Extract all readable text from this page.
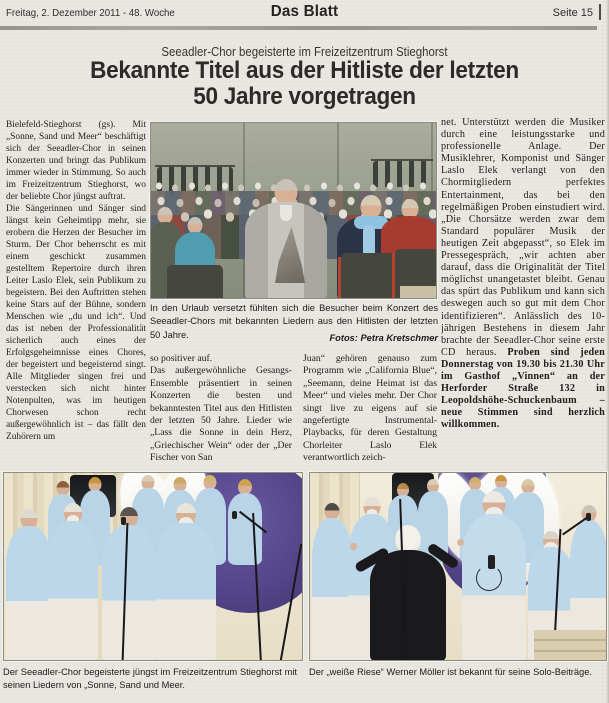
Freitag, 2. Dezember 2011 - 48. Woche	Das Blatt	Seite 15
Seeadler-Chor begeisterte im Freizeitzentrum Stieghorst
Bekannte Titel aus der Hitliste der letzten
50 Jahre vorgetragen

Bielefeld-Stieghorst (gs). Mit „Sonne, Sand und Meer“ beschäftigt sich der Seeadler-Chor in seinen Konzerten und bringt das Publikum immer wieder in Stimmung. So auch im Freizeitzentrum Stieghorst, wo der beliebte Chor jüngst auftrat.

Die Sängerinnen und Sänger sind längst kein Geheimtipp mehr, sie erobern die Herzen der Besucher im Sturm. Der Chor beherrscht es mit einem geschickt zusammen gestelltem Repertoire durch ihren Leiter Laslo Elek, sein Publikum zu begeistern. Bei den Auftritten stehen keine Stars auf der Bühne, sondern Menschen wie „du und ich“. Und das ist neben der Professionalität sicherlich auch eines der Erfolgsgeheimnisse eines Chores, der begeistert und begeisternd singt. Alle Mitglieder singen frei und verstecken sich nicht hinter Notenpulten, was im heutigen Chorwesen schon recht außergewöhnlich ist – das fällt den Zuhörern um

In den Urlaub versetzt fühlten sich die Besucher beim Konzert des Seeadler-Chors mit bekannten Liedern aus den Hitlisten der letzten 50 Jahre.	Fotos: Petra Kretschmer

so positiver auf.

Das außergewöhnliche Gesangs-Ensemble präsentiert in seinen Konzerten die besten und bekanntesten Titel aus den Hitlisten der letzten 50 Jahre. Lieder wie „Lass die Sonne in dein Herz, „Griechischer Wein“ oder der „Der Fischer von San

Juan“ gehören genauso zum Programm wie „California Blue“, „Seemann, deine Heimat ist das Meer“ und vieles mehr. Der Chor singt live zu eigens auf sie angefertigte Instrumental-Playbacks, für deren Gestaltung Chorleiter Laslo Elek verantwortlich zeich-

net. Unterstützt werden die Musiker durch eine leistungsstarke und professionelle Anlage. Der Musiklehrer, Komponist und Sänger Laslo Elek verlangt von den Chormitgliedern perfektes Entertainment, das bei den regelmäßigen Proben einstudiert wird. „Die Chorsätze werden zwar dem Standard populärer Musik der heutigen Zeit abgepasst“, so Elek im Pressegespräch, „wir achten aber darauf, dass die Originalität der Titel möglichst unangetastet bleibt. Genau das spürt das Publikum und kann sich deswegen auch so gut mit dem Chor identifizieren“. Anlässlich des 10-jährigen Bestehens in diesem Jahr brachte der Seeadler-Chor seine erste CD heraus. Proben sind jeden Donnerstag von 19.30 bis 21.30 Uhr im Gasthof „Vinnen“ an der Herforder Straße 132 in Leopoldshöhe-Schuckenbaum – neue Stimmen sind herzlich willkommen.

Der Seeadler-Chor begeisterte jüngst im Freizeitzentrum Stieghorst mit seinen Liedern von „Sonne, Sand und Meer.
Der „weiße Riese“ Werner Möller ist bekannt für seine Solo-Beiträge.
